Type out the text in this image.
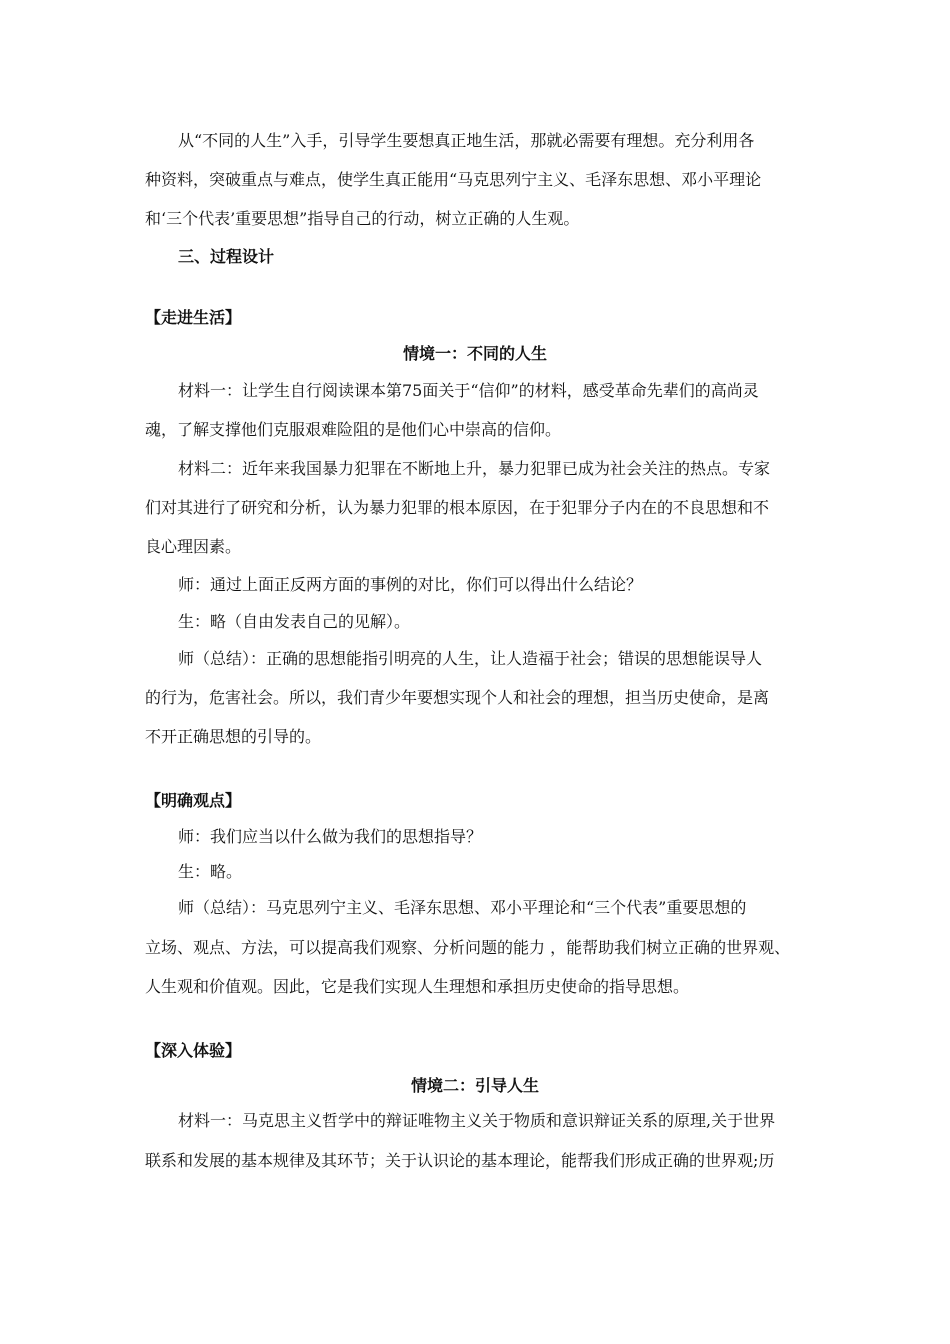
从“不同的人生”入手，引导学生要想真正地生活，那就必需要有理想。充分利用各
种资料，突破重点与难点，使学生真正能用“马克思列宁主义、毛泽东思想、邓小平理论
和‘三个代表’重要思想”指导自己的行动，树立正确的人生观。
三、过程设计
【走进生活】
情境一：不同的人生
材料一：让学生自行阅读课本第75面关于“信仰”的材料，感受革命先辈们的高尚灵
魂，了解支撑他们克服艰难险阻的是他们心中崇高的信仰。
材料二：近年来我国暴力犯罪在不断地上升，暴力犯罪已成为社会关注的热点。专家
们对其进行了研究和分析，认为暴力犯罪的根本原因，在于犯罪分子内在的不良思想和不
良心理因素。
师：通过上面正反两方面的事例的对比，你们可以得出什么结论？
生：略（自由发表自己的见解）。
师（总结）：正确的思想能指引明亮的人生，让人造福于社会；错误的思想能误导人
的行为，危害社会。所以，我们青少年要想实现个人和社会的理想，担当历史使命，是离
不开正确思想的引导的。
【明确观点】
师：我们应当以什么做为我们的思想指导？
生：略。
师（总结）：马克思列宁主义、毛泽东思想、邓小平理论和“三个代表”重要思想的
立场、观点、方法，可以提高我们观察、分析问题的能力 ，能帮助我们树立正确的世界观、
人生观和价值观。因此，它是我们实现人生理想和承担历史使命的指导思想。
【深入体验】
情境二：引导人生
材料一：马克思主义哲学中的辩证唯物主义关于物质和意识辩证关系的原理,关于世界
联系和发展的基本规律及其环节；关于认识论的基本理论，能帮我们形成正确的世界观;历
